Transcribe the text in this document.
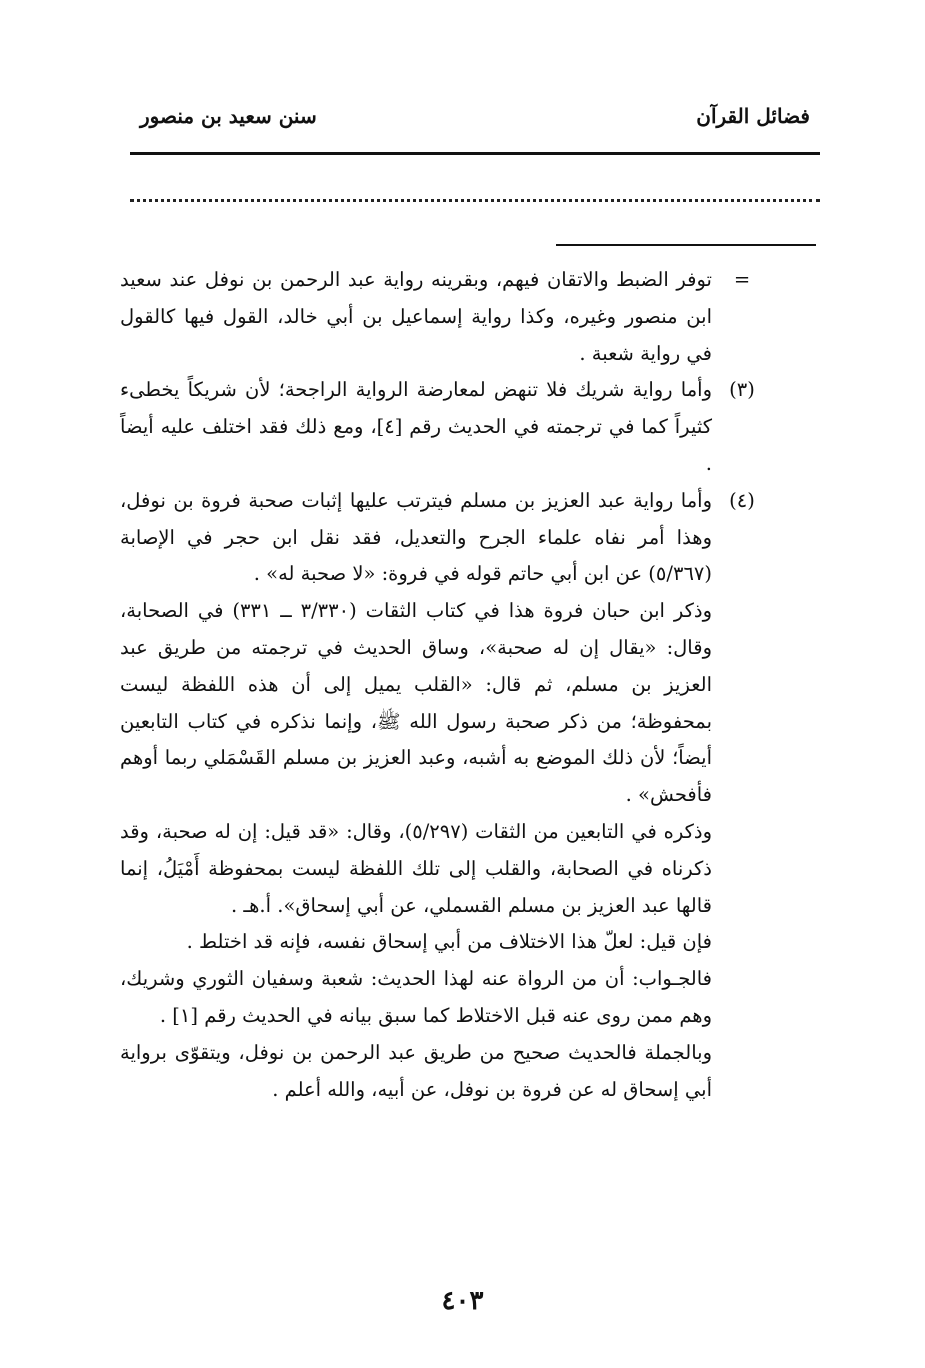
فضائل القرآن
سنن سعيد بن منصور

=
توفر الضبط والاتقان فيهم، وبقرينه رواية عبد الرحمن بن نوفل عند سعيد ابن منصور وغيره، وكذا رواية إسماعيل بن أبي خالد، القول فيها كالقول في رواية شعبة .

(٣)
وأما رواية شريك فلا تنهض لمعارضة الرواية الراجحة؛ لأن شريكاً يخطىء كثيراً كما في ترجمته في الحديث رقم [٤]، ومع ذلك فقد اختلف عليه أيضاً .

(٤)
وأما رواية عبد العزيز بن مسلم فيترتب عليها إثبات صحبة فروة بن نوفل، وهذا أمر نفاه علماء الجرح والتعديل، فقد نقل ابن حجر في الإصابة (٥/٣٦٧) عن ابن أبي حاتم قوله في فروة: «لا صحبة له» .

وذكر ابن حبان فروة هذا في كتاب الثقات (٣/٣٣٠ ــ ٣٣١) في الصحابة، وقال: «يقال إن له صحبة»، وساق الحديث في ترجمته من طريق عبد العزيز بن مسلم، ثم قال: «القلب يميل إلى أن هذه اللفظة ليست بمحفوظة؛ من ذكر صحبة رسول الله ﷺ، وإنما نذكره في كتاب التابعين أيضاً؛ لأن ذلك الموضع به أشبه، وعبد العزيز بن مسلم القَسْمَلي ربما أوهم فأفحش» .

وذكره في التابعين من الثقات (٥/٢٩٧)، وقال: «قد قيل: إن له صحبة، وقد ذكرناه في الصحابة، والقلب إلى تلك اللفظة ليست بمحفوظة أَمْيَلُ، إنما قالها عبد العزيز بن مسلم القسملي، عن أبي إسحاق». أ.هـ .

فإن قيل: لعلّ هذا الاختلاف من أبي إسحاق نفسه، فإنه قد اختلط .

فالجـواب: أن من الرواة عنه لهذا الحديث: شعبة وسفيان الثوري وشريك، وهم ممن روى عنه قبل الاختلاط كما سبق بيانه في الحديث رقم [١] .

وبالجملة فالحديث صحيح من طريق عبد الرحمن بن نوفل، ويتقوّى برواية أبي إسحاق له عن فروة بن نوفل، عن أبيه، والله أعلم .

٤٠٣
